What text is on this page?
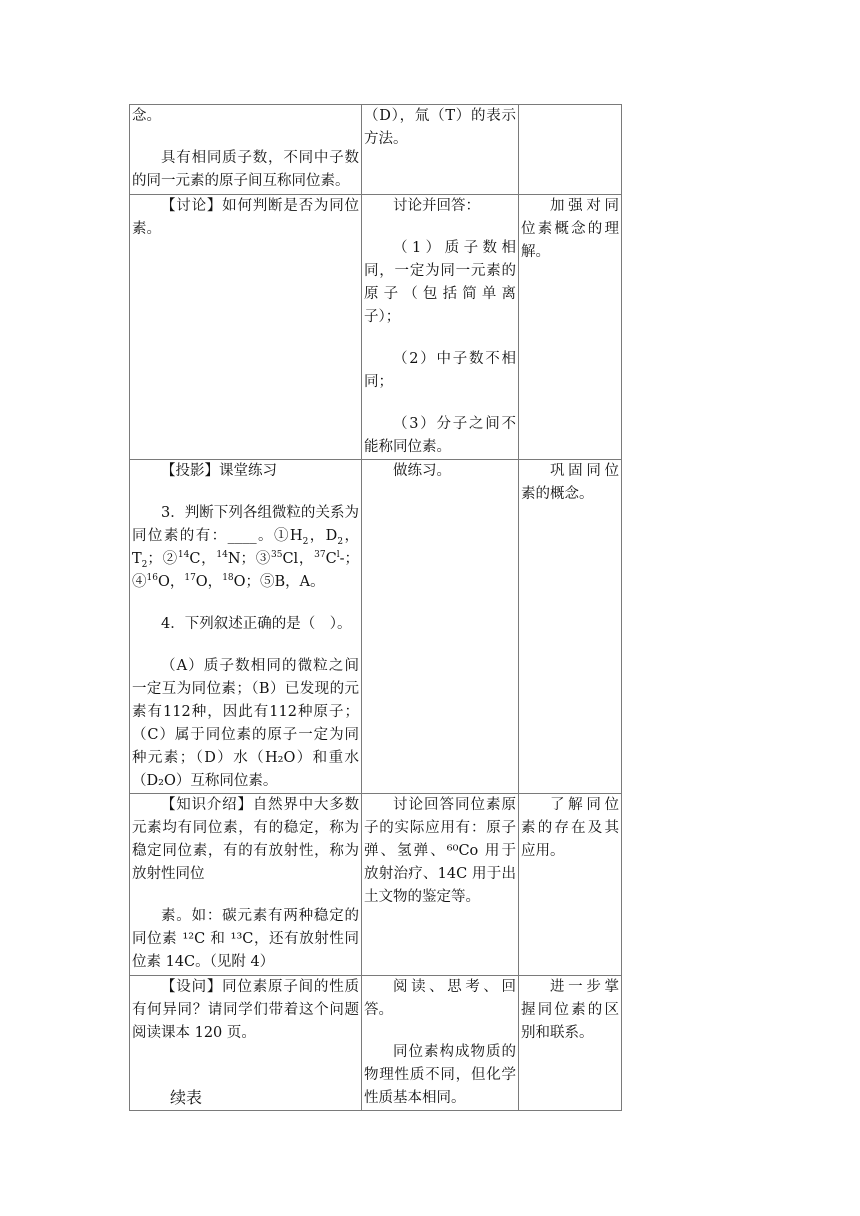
念。

具有相同质子数，不同中子数的同一元素的原子间互称同位素。	（D），氚（T）的表示方法。	

【讨论】如何判断是否为同位素。	讨论并回答：

（1）质子数相同，一定为同一元素的原子（包括简单离子）；

（2）中子数不相同；

（3）分子之间不能称同位素。	加强对同位素概念的理解。

【投影】课堂练习

3．判断下列各组微粒的关系为同位素的有：____。$①H_2$，$D_2$，$T_2$；②$^{14}$C，$^{14}$N；③$^{35}$Cl，$^{37}C^l-$；④$^{16}$O，$^{17}$O，$^{18}$O；⑤B，A。

4．下列叙述正确的是（　）。

（A）质子数相同的微粒之间一定互为同位素；（B）已发现的元素有112种，因此有112种原子；（C）属于同位素的原子一定为同种元素；（D）水（H₂O）和重水（D₂O）互称同位素。	做练习。	巩固同位素的概念。

【知识介绍】自然界中大多数元素均有同位素，有的稳定，称为稳定同位素，有的有放射性，称为放射性同位

素。如：碳元素有两种稳定的同位素 ¹²C 和 ¹³C，还有放射性同位素 14C。（见附 4）	讨论回答同位素原子的实际应用有：原子弹、氢弹、⁶⁰Co 用于放射治疗、14C 用于出土文物的鉴定等。	了解同位素的存在及其应用。

【设问】同位素原子间的性质有何异同？请同学们带着这个问题阅读课本 120 页。	阅读、思考、回答。

同位素构成物质的物理性质不同，但化学性质基本相同。	进一步掌握同位素的区别和联系。

续表
